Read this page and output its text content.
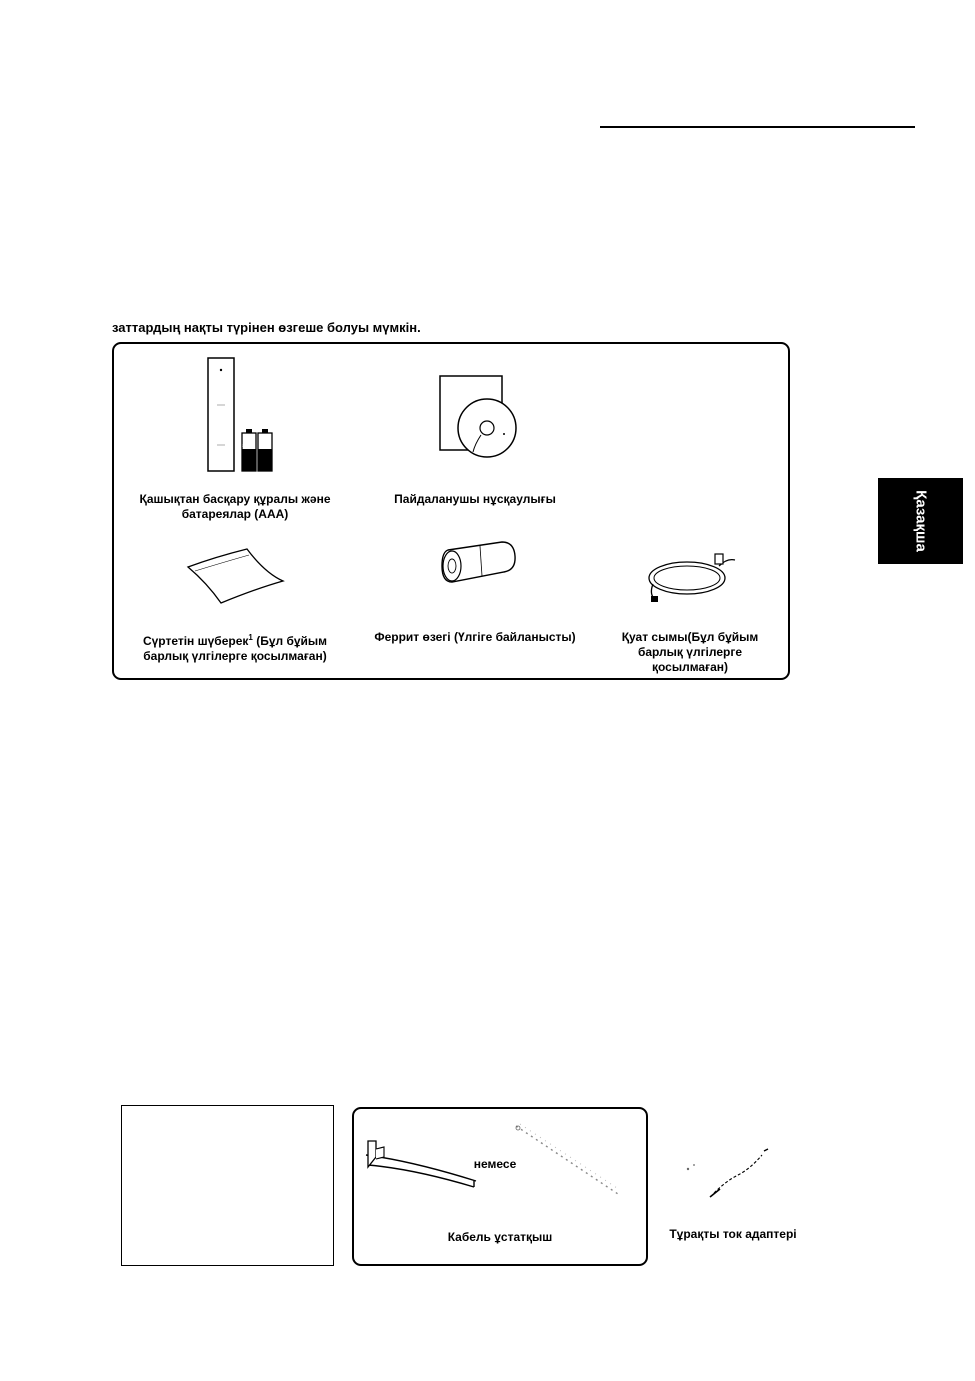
заттардың нақты түрінен өзгеше болуы мүмкін.
1.5V
Қашықтан басқару құралы және
батареялар (AAA)
Пайдаланушы нұсқаулығы
Сүртетін шүберек$^1$ (Бұл бұйым
барлық үлгілерге қосылмаған)
Феррит өзегі (Үлгіге байланысты)	Қуат сымы(Бұл бұйым
барлық үлгілерге
қосылмаған)
Қазақша
немесе
Кабель ұстатқыш	Тұрақты ток адаптері
